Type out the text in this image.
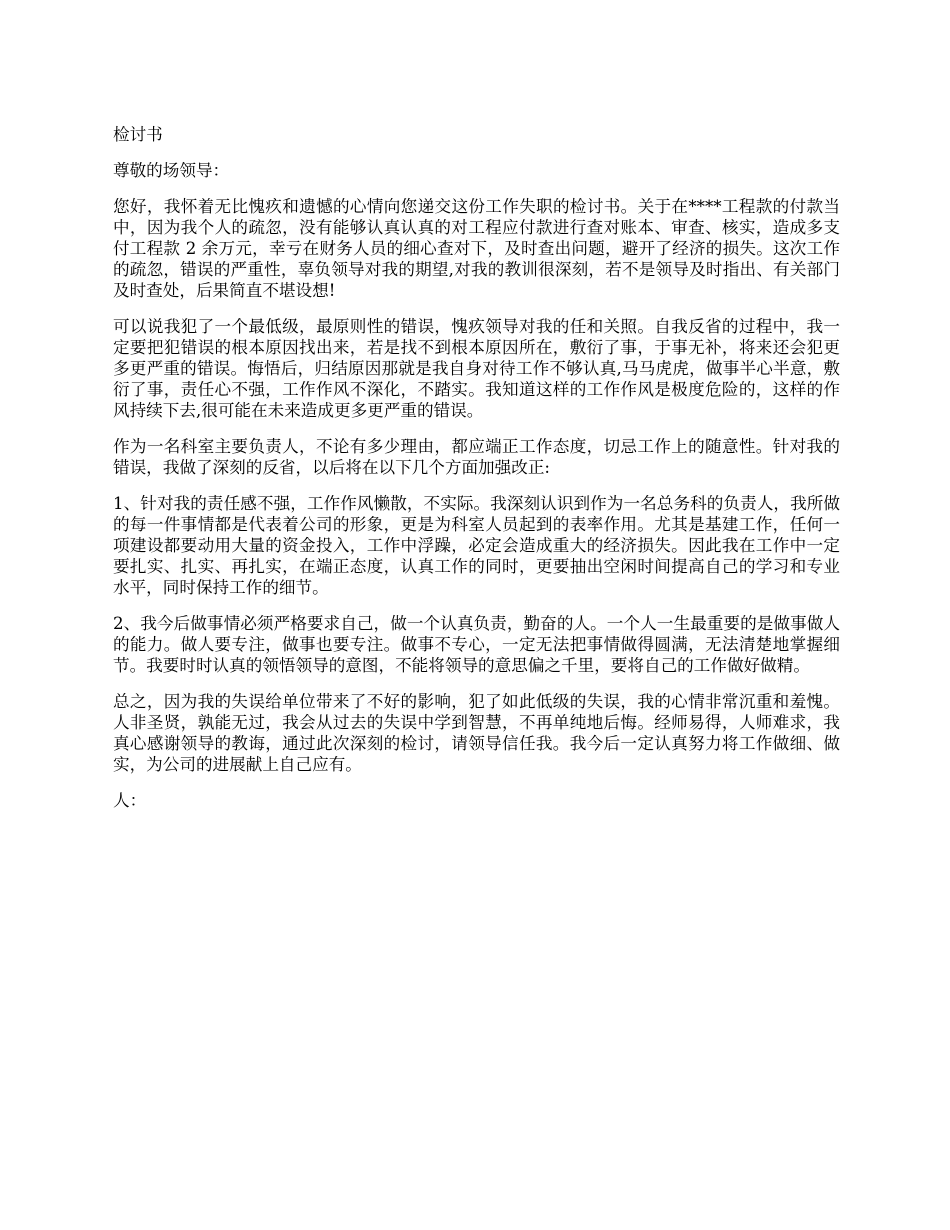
检讨书
尊敬的场领导：
您好，我怀着无比愧疚和遗憾的心情向您递交这份工作失职的检讨书。关于在****工程款的付款当中，因为我个人的疏忽，没有能够认真认真的对工程应付款进行查对账本、审查、核实，造成多支付工程款 2 余万元，幸亏在财务人员的细心查对下，及时查出问题，避开了经济的损失。这次工作的疏忽，错误的严重性，辜负领导对我的期望,对我的教训很深刻，若不是领导及时指出、有关部门及时查处，后果简直不堪设想!
可以说我犯了一个最低级，最原则性的错误，愧疚领导对我的任和关照。自我反省的过程中，我一定要把犯错误的根本原因找出来，若是找不到根本原因所在，敷衍了事，于事无补，将来还会犯更多更严重的错误。悔悟后，归结原因那就是我自身对待工作不够认真,马马虎虎，做事半心半意，敷衍了事，责任心不强，工作作风不深化，不踏实。我知道这样的工作作风是极度危险的，这样的作风持续下去,很可能在未来造成更多更严重的错误。
作为一名科室主要负责人，不论有多少理由，都应端正工作态度，切忌工作上的随意性。针对我的错误，我做了深刻的反省，以后将在以下几个方面加强改正:
1、针对我的责任感不强，工作作风懒散，不实际。我深刻认识到作为一名总务科的负责人，我所做的每一件事情都是代表着公司的形象，更是为科室人员起到的表率作用。尤其是基建工作，任何一项建设都要动用大量的资金投入，工作中浮躁，必定会造成重大的经济损失。因此我在工作中一定要扎实、扎实、再扎实，在端正态度，认真工作的同时，更要抽出空闲时间提高自己的学习和专业水平，同时保持工作的细节。
2、我今后做事情必须严格要求自己，做一个认真负责，勤奋的人。一个人一生最重要的是做事做人的能力。做人要专注，做事也要专注。做事不专心，一定无法把事情做得圆满，无法清楚地掌握细节。我要时时认真的领悟领导的意图，不能将领导的意思偏之千里，要将自己的工作做好做精。
总之，因为我的失误给单位带来了不好的影响，犯了如此低级的失误，我的心情非常沉重和羞愧。人非圣贤，孰能无过，我会从过去的失误中学到智慧，不再单纯地后悔。经师易得，人师难求，我真心感谢领导的教诲，通过此次深刻的检讨，请领导信任我。我今后一定认真努力将工作做细、做实，为公司的进展献上自己应有。
人：
